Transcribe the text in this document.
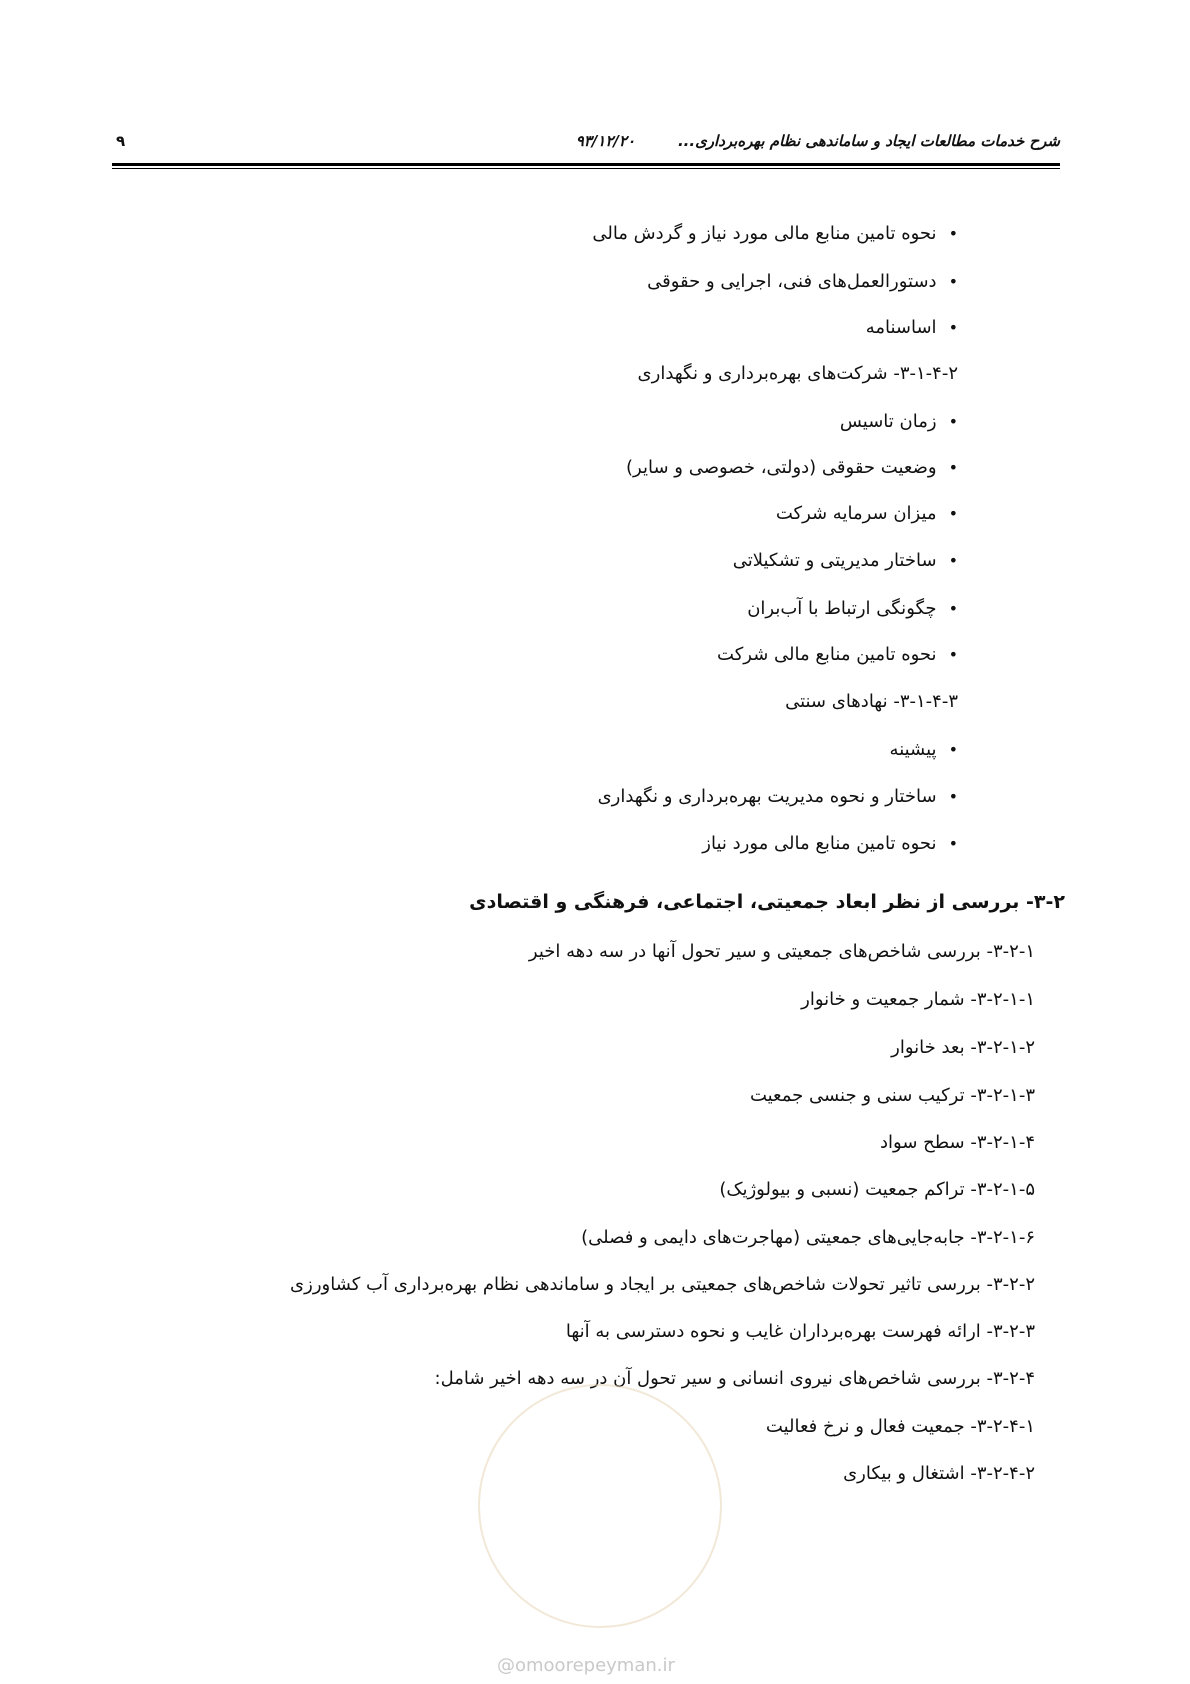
شرح خدمات مطالعات ایجاد و ساماندهی نظام بهره‌برداری...
۹۳/۱۲/۲۰
۹
• نحوه تامین منابع مالی مورد نیاز و گردش مالی
• دستورالعمل‌های فنی، اجرایی و حقوقی
• اساسنامه
۳-۱-۴-۲- شرکت‌های بهره‌برداری و نگهداری
• زمان تاسیس
• وضعیت حقوقی (دولتی، خصوصی و سایر)
• میزان سرمایه شرکت
• ساختار مدیریتی و تشکیلاتی
• چگونگی ارتباط با آب‌بران
• نحوه تامین منابع مالی شرکت
۳-۱-۴-۳- نهادهای سنتی
• پیشینه
• ساختار و نحوه مدیریت بهره‌برداری و نگهداری
• نحوه تامین منابع مالی مورد نیاز
۳-۲- بررسی از نظر ابعاد جمعیتی، اجتماعی، فرهنگی و اقتصادی
۳-۲-۱- بررسی شاخص‌های جمعیتی و سیر تحول آنها در سه دهه اخیر
۳-۲-۱-۱- شمار جمعیت و خانوار
۳-۲-۱-۲- بعد خانوار
۳-۲-۱-۳- ترکیب سنی و جنسی جمعیت
۳-۲-۱-۴- سطح سواد
۳-۲-۱-۵- تراکم جمعیت (نسبی و بیولوژیک)
۳-۲-۱-۶- جابه‌جایی‌های جمعیتی (مهاجرت‌های دایمی و فصلی)
۳-۲-۲- بررسی تاثیر تحولات شاخص‌های جمعیتی بر ایجاد و ساماندهی نظام بهره‌برداری آب کشاورزی
۳-۲-۳- ارائه فهرست بهره‌برداران غایب و نحوه دسترسی به آنها
۳-۲-۴- بررسی شاخص‌های نیروی انسانی و سیر تحول آن در سه دهه اخیر شامل:
۳-۲-۴-۱- جمعیت فعال و نرخ فعالیت
۳-۲-۴-۲- اشتغال و بیکاری
@omoorepeyman.ir
